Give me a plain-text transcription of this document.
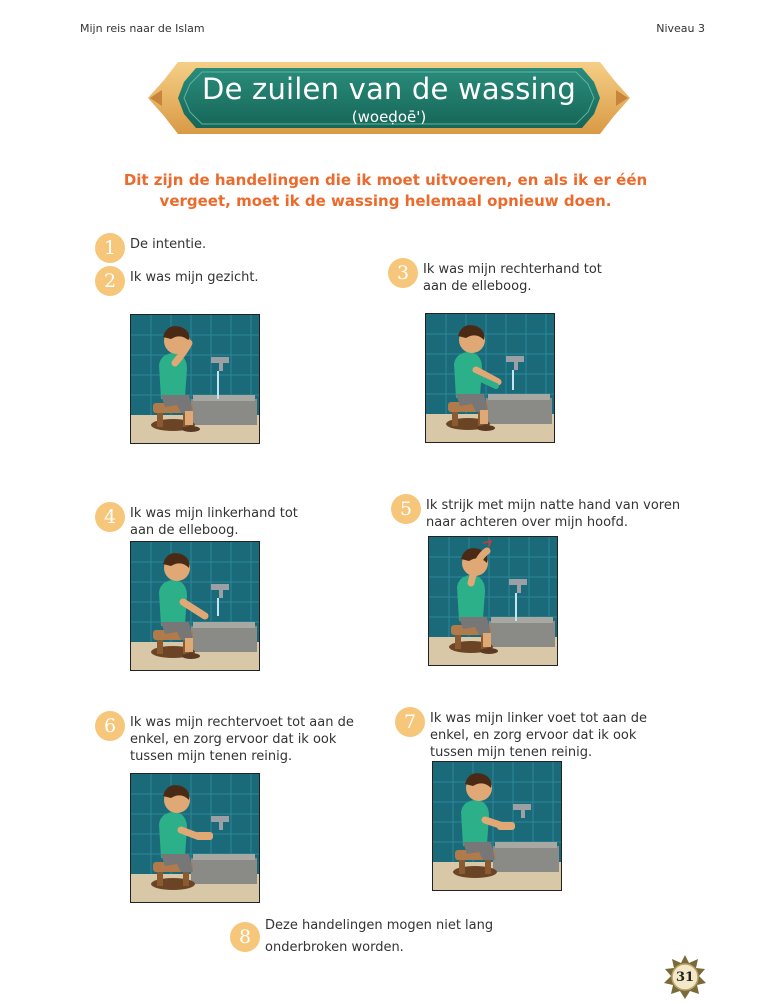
Mijn reis naar de Islam	Niveau 3
De zuilen van de wassing
(woeḍoē')
Dit zijn de handelingen die ik moet uitvoeren, en als ik er één vergeet, moet ik de wassing helemaal opnieuw doen.
1	De intentie.
2	Ik was mijn gezicht.	3	Ik was mijn rechterhand tot aan de elleboog.
4	Ik was mijn linkerhand tot aan de elleboog.
5	Ik strijk met mijn natte hand van voren naar achteren over mijn hoofd.
6	Ik was mijn rechtervoet tot aan de enkel, en zorg ervoor dat ik ook tussen mijn tenen reinig.
7	Ik was mijn linker voet tot aan de enkel, en zorg ervoor dat ik ook tussen mijn tenen reinig.
8
Deze handelingen mogen niet lang onderbroken worden.
31
